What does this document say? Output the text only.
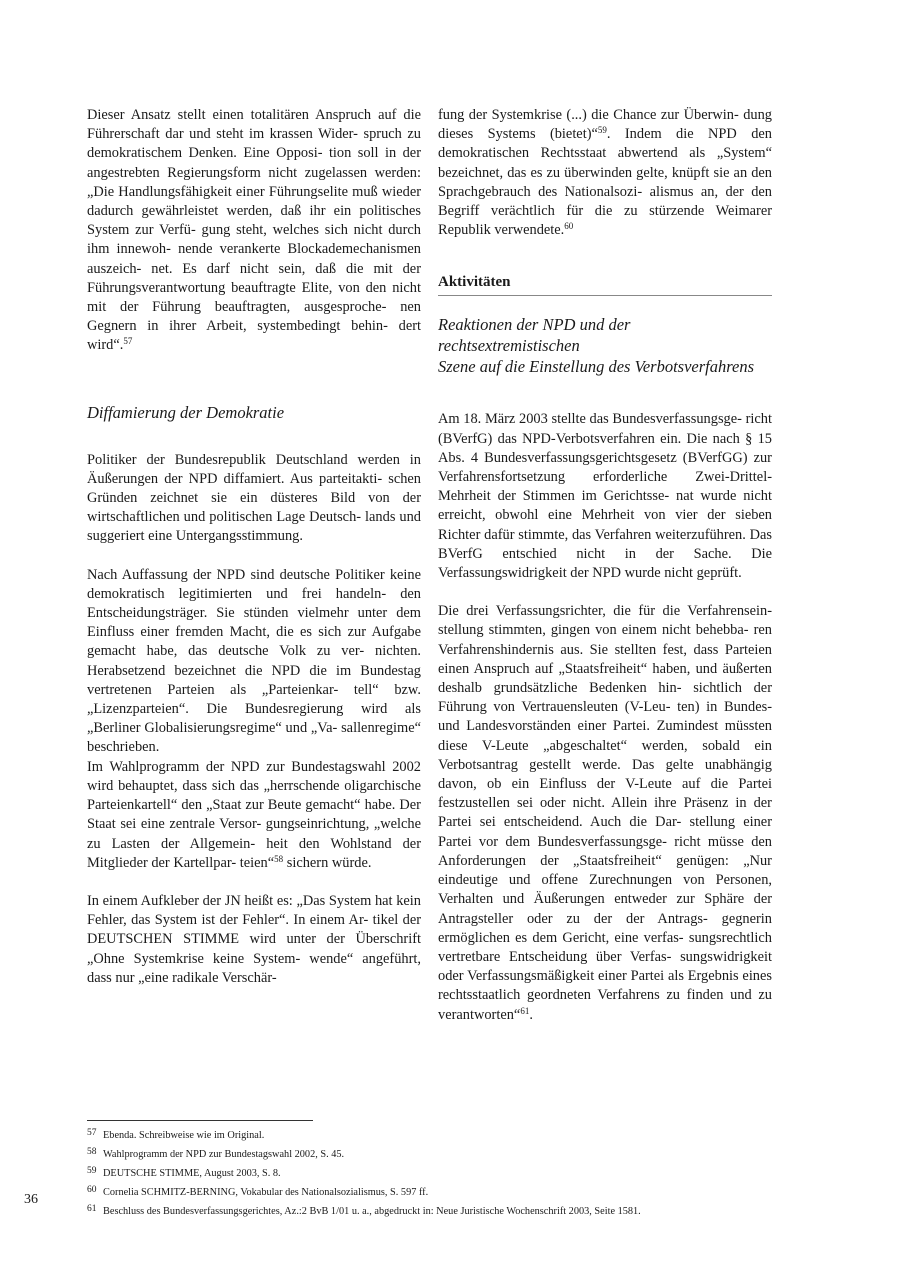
Dieser Ansatz stellt einen totalitären Anspruch auf die Führerschaft dar und steht im krassen Wider- spruch zu demokratischem Denken. Eine Opposi- tion soll in der angestrebten Regierungsform nicht zugelassen werden: „Die Handlungsfähigkeit einer Führungselite muß wieder dadurch gewährleistet werden, daß ihr ein politisches System zur Verfü- gung steht, welches sich nicht durch ihm innewoh- nende verankerte Blockademechanismen auszeich- net. Es darf nicht sein, daß die mit der Führungsverantwortung beauftragte Elite, von den nicht mit der Führung beauftragten, ausgesproche- nen Gegnern in ihrer Arbeit, systembedingt behin- dert wird“.$^{57}$

Diffamierung der Demokratie

Politiker der Bundesrepublik Deutschland werden in Äußerungen der NPD diffamiert. Aus parteitakti- schen Gründen zeichnet sie ein düsteres Bild von der wirtschaftlichen und politischen Lage Deutsch- lands und suggeriert eine Untergangsstimmung.

Nach Auffassung der NPD sind deutsche Politiker keine demokratisch legitimierten und frei handeln- den Entscheidungsträger. Sie stünden vielmehr unter dem Einfluss einer fremden Macht, die es sich zur Aufgabe gemacht habe, das deutsche Volk zu ver- nichten. Herabsetzend bezeichnet die NPD die im Bundestag vertretenen Parteien als „Parteienkar- tell“ bzw. „Lizenzparteien“. Die Bundesregierung wird als „Berliner Globalisierungsregime“ und „Va- sallenregime“ beschrieben.

Im Wahlprogramm der NPD zur Bundestagswahl 2002 wird behauptet, dass sich das „herrschende oligarchische Parteienkartell“ den „Staat zur Beute gemacht“ habe. Der Staat sei eine zentrale Versor- gungseinrichtung, „welche zu Lasten der Allgemein- heit den Wohlstand der Mitglieder der Kartellpar- teien“$^{58}$ sichern würde.

In einem Aufkleber der JN heißt es: „Das System hat kein Fehler, das System ist der Fehler“. In einem Ar- tikel der DEUTSCHEN STIMME wird unter der Überschrift „Ohne Systemkrise keine System- wende“ angeführt, dass nur „eine radikale Verschär-

fung der Systemkrise (...) die Chance zur Überwin- dung dieses Systems (bietet)“$^{59}$. Indem die NPD den demokratischen Rechtsstaat abwertend als „System“ bezeichnet, das es zu überwinden gelte, knüpft sie an den Sprachgebrauch des Nationalsozi- alismus an, der den Begriff verächtlich für die zu stürzende Weimarer Republik verwendete.$^{60}$

Aktivitäten
Reaktionen der NPD und der rechtsextremistischen
Szene auf die Einstellung des Verbotsverfahrens

Am 18. März 2003 stellte das Bundesverfassungsge- richt (BVerfG) das NPD-Verbotsverfahren ein. Die nach § 15 Abs. 4 Bundesverfassungsgerichtsgesetz (BVerfGG) zur Verfahrensfortsetzung erforderliche Zwei-Drittel-Mehrheit der Stimmen im Gerichtsse- nat wurde nicht erreicht, obwohl eine Mehrheit von vier der sieben Richter dafür stimmte, das Verfahren weiterzuführen. Das BVerfG entschied nicht in der Sache. Die Verfassungswidrigkeit der NPD wurde nicht geprüft.

Die drei Verfassungsrichter, die für die Verfahrensein- stellung stimmten, gingen von einem nicht behebba- ren Verfahrenshindernis aus. Sie stellten fest, dass Parteien einen Anspruch auf „Staatsfreiheit“ haben, und äußerten deshalb grundsätzliche Bedenken hin- sichtlich der Führung von Vertrauensleuten (V-Leu- ten) in Bundes- und Landesvorständen einer Partei. Zumindest müssten diese V-Leute „abgeschaltet“ werden, sobald ein Verbotsantrag gestellt werde. Das gelte unabhängig davon, ob ein Einfluss der V-Leute auf die Partei festzustellen sei oder nicht. Allein ihre Präsenz in der Partei sei entscheidend. Auch die Dar- stellung einer Partei vor dem Bundesverfassungsge- richt müsse den Anforderungen der „Staatsfreiheit“ genügen: „Nur eindeutige und offene Zurechnungen von Personen, Verhalten und Äußerungen entweder zur Sphäre der Antragsteller oder zu der der Antrags- gegnerin ermöglichen es dem Gericht, eine verfas- sungsrechtlich vertretbare Entscheidung über Verfas- sungswidrigkeit oder Verfassungsmäßigkeit einer Partei als Ergebnis eines rechtsstaatlich geordneten Verfahrens zu finden und zu verantworten“$^{61}$.

57 Ebenda. Schreibweise wie im Original.
58 Wahlprogramm der NPD zur Bundestagswahl 2002, S. 45.
59 DEUTSCHE STIMME, August 2003, S. 8.
60 Cornelia SCHMITZ-BERNING, Vokabular des Nationalsozialismus, S. 597 ff.
61 Beschluss des Bundesverfassungsgerichtes, Az.:2 BvB 1/01 u. a., abgedruckt in: Neue Juristische Wochenschrift 2003, Seite 1581.
36
